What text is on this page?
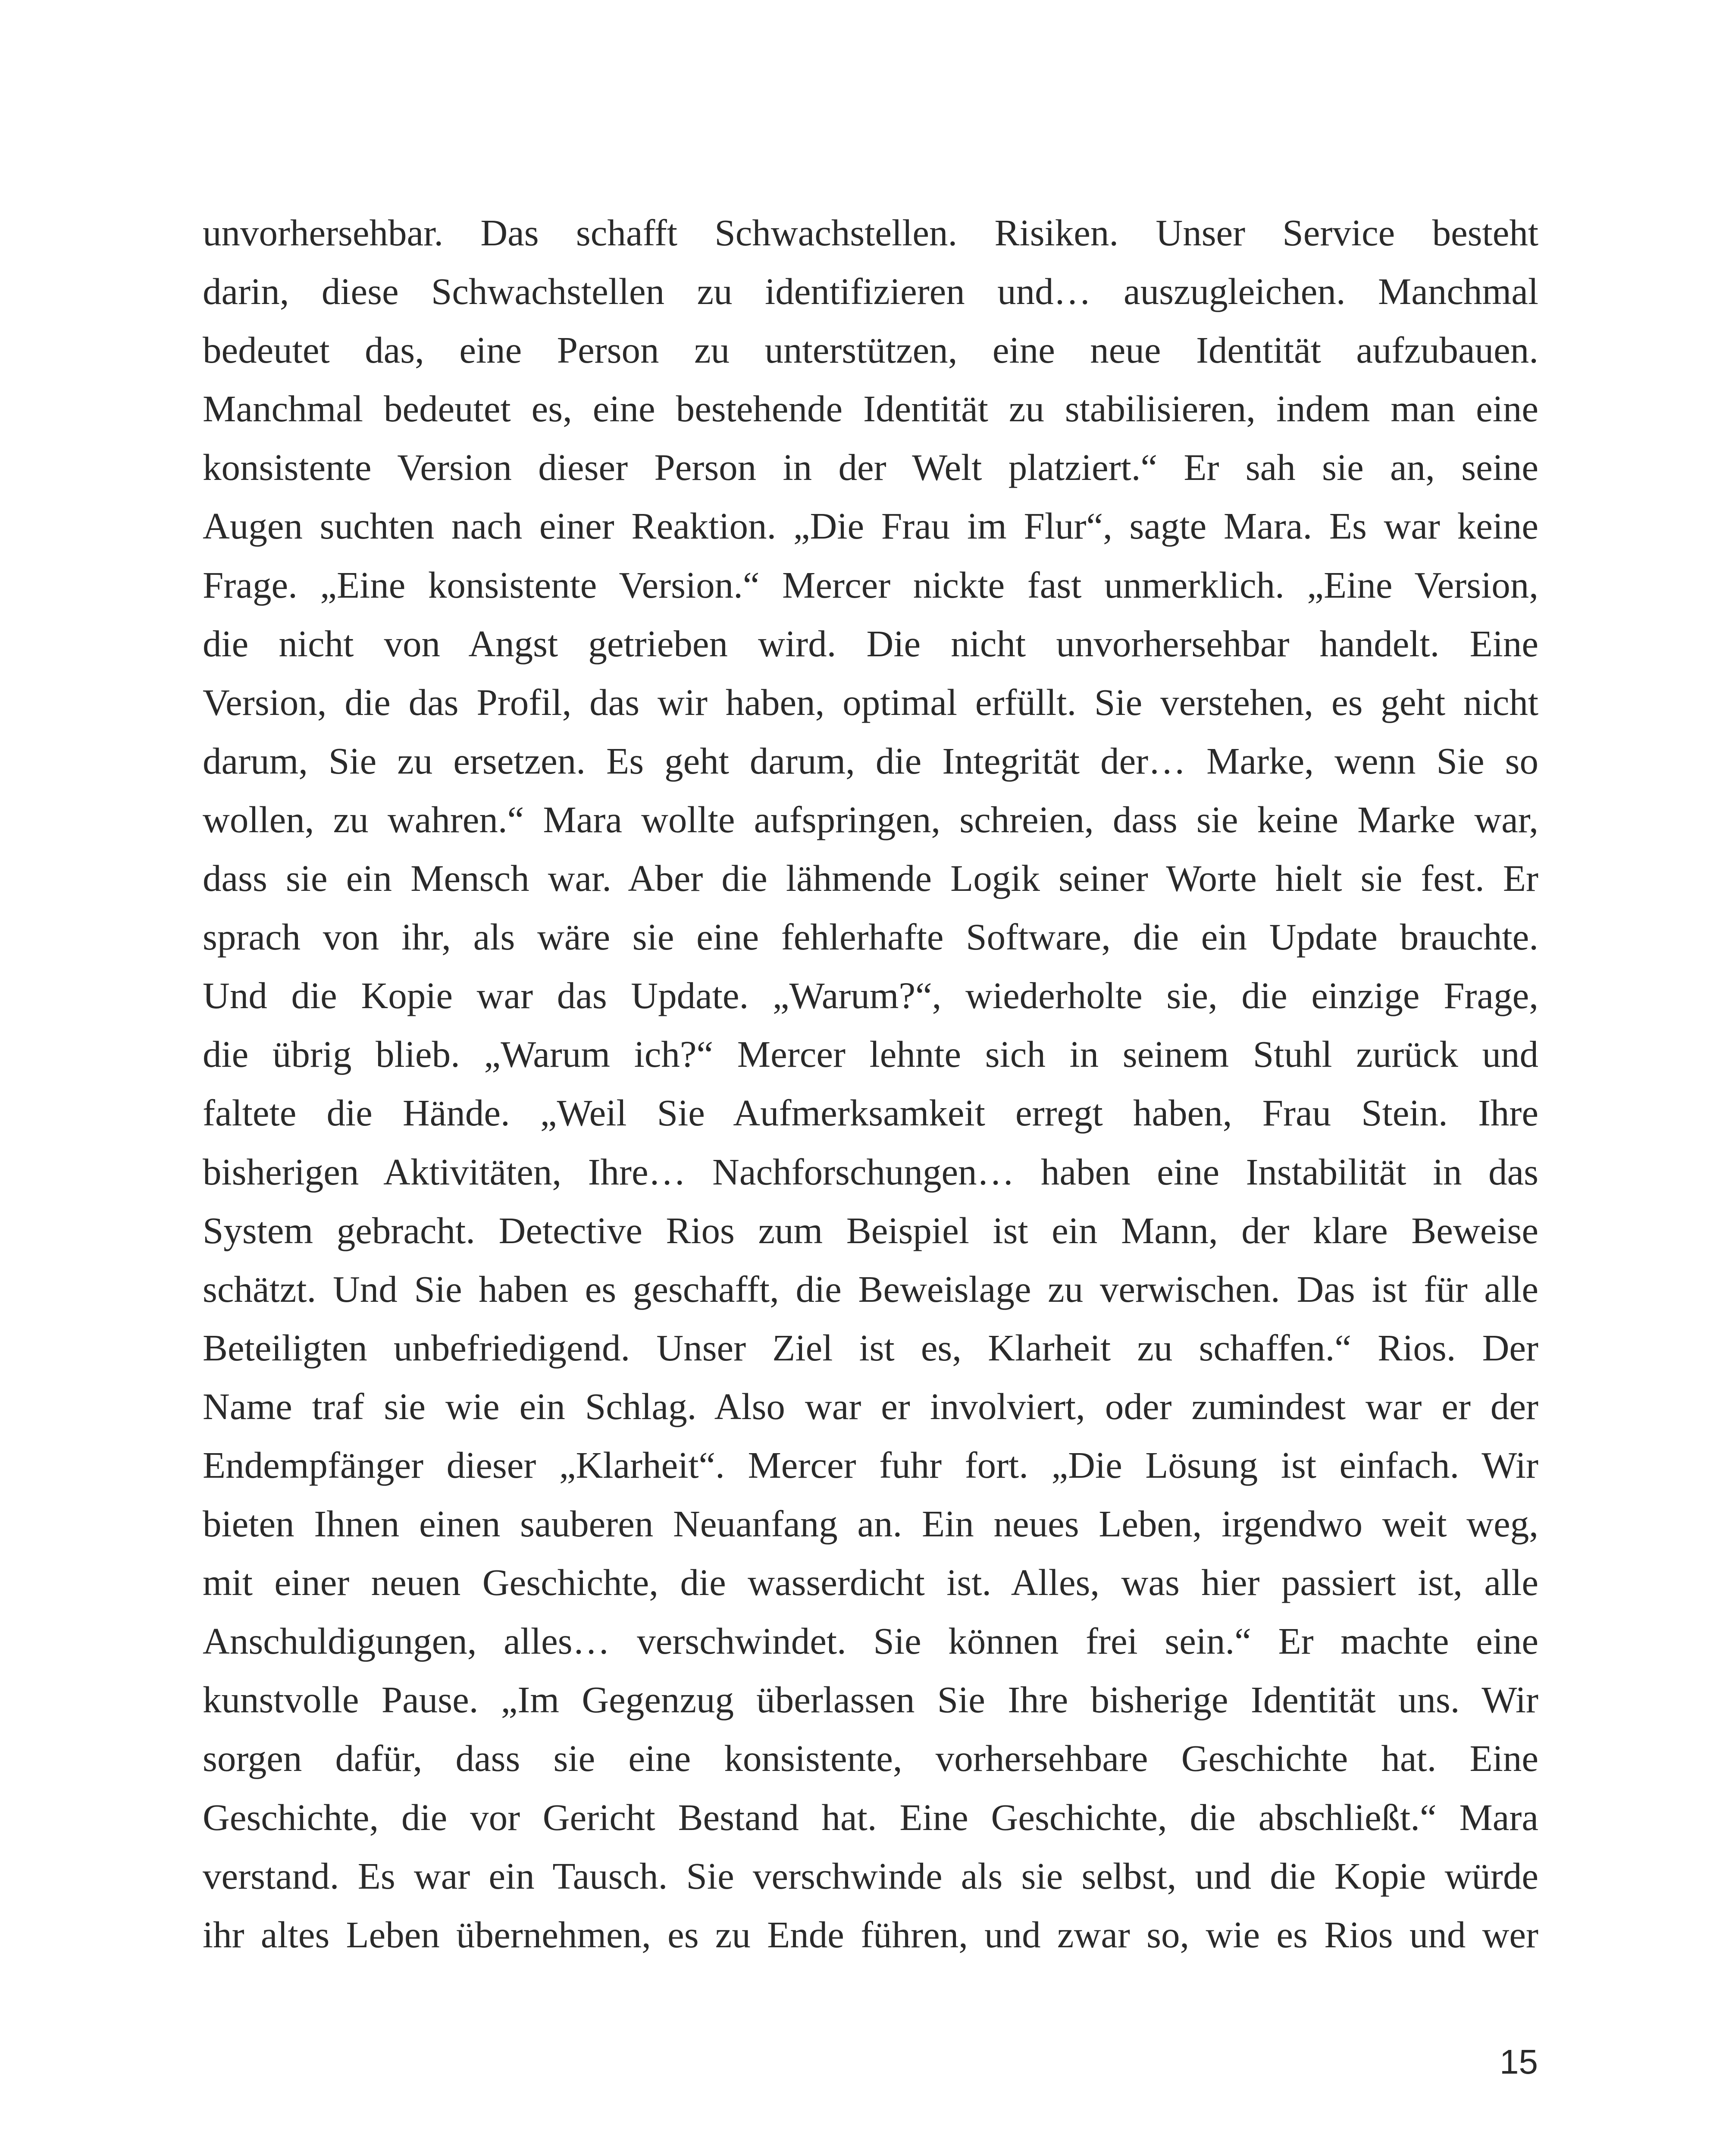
unvorhersehbar. Das schafft Schwachstellen. Risiken. Unser Service besteht
darin, diese Schwachstellen zu identifizieren und… auszugleichen. Manchmal
bedeutet das, eine Person zu unterstützen, eine neue Identität aufzubauen.
Manchmal bedeutet es, eine bestehende Identität zu stabilisieren, indem man eine
konsistente Version dieser Person in der Welt platziert.“ Er sah sie an, seine
Augen suchten nach einer Reaktion. „Die Frau im Flur“, sagte Mara. Es war keine
Frage. „Eine konsistente Version.“ Mercer nickte fast unmerklich. „Eine Version,
die nicht von Angst getrieben wird. Die nicht unvorhersehbar handelt. Eine
Version, die das Profil, das wir haben, optimal erfüllt. Sie verstehen, es geht nicht
darum, Sie zu ersetzen. Es geht darum, die Integrität der… Marke, wenn Sie so
wollen, zu wahren.“ Mara wollte aufspringen, schreien, dass sie keine Marke war,
dass sie ein Mensch war. Aber die lähmende Logik seiner Worte hielt sie fest. Er
sprach von ihr, als wäre sie eine fehlerhafte Software, die ein Update brauchte.
Und die Kopie war das Update. „Warum?“, wiederholte sie, die einzige Frage,
die übrig blieb. „Warum ich?“ Mercer lehnte sich in seinem Stuhl zurück und
faltete die Hände. „Weil Sie Aufmerksamkeit erregt haben, Frau Stein. Ihre
bisherigen Aktivitäten, Ihre… Nachforschungen… haben eine Instabilität in das
System gebracht. Detective Rios zum Beispiel ist ein Mann, der klare Beweise
schätzt. Und Sie haben es geschafft, die Beweislage zu verwischen. Das ist für alle
Beteiligten unbefriedigend. Unser Ziel ist es, Klarheit zu schaffen.“ Rios. Der
Name traf sie wie ein Schlag. Also war er involviert, oder zumindest war er der
Endempfänger dieser „Klarheit“. Mercer fuhr fort. „Die Lösung ist einfach. Wir
bieten Ihnen einen sauberen Neuanfang an. Ein neues Leben, irgendwo weit weg,
mit einer neuen Geschichte, die wasserdicht ist. Alles, was hier passiert ist, alle
Anschuldigungen, alles… verschwindet. Sie können frei sein.“ Er machte eine
kunstvolle Pause. „Im Gegenzug überlassen Sie Ihre bisherige Identität uns. Wir
sorgen dafür, dass sie eine konsistente, vorhersehbare Geschichte hat. Eine
Geschichte, die vor Gericht Bestand hat. Eine Geschichte, die abschließt.“ Mara
verstand. Es war ein Tausch. Sie verschwinde als sie selbst, und die Kopie würde
ihr altes Leben übernehmen, es zu Ende führen, und zwar so, wie es Rios und wer
15
